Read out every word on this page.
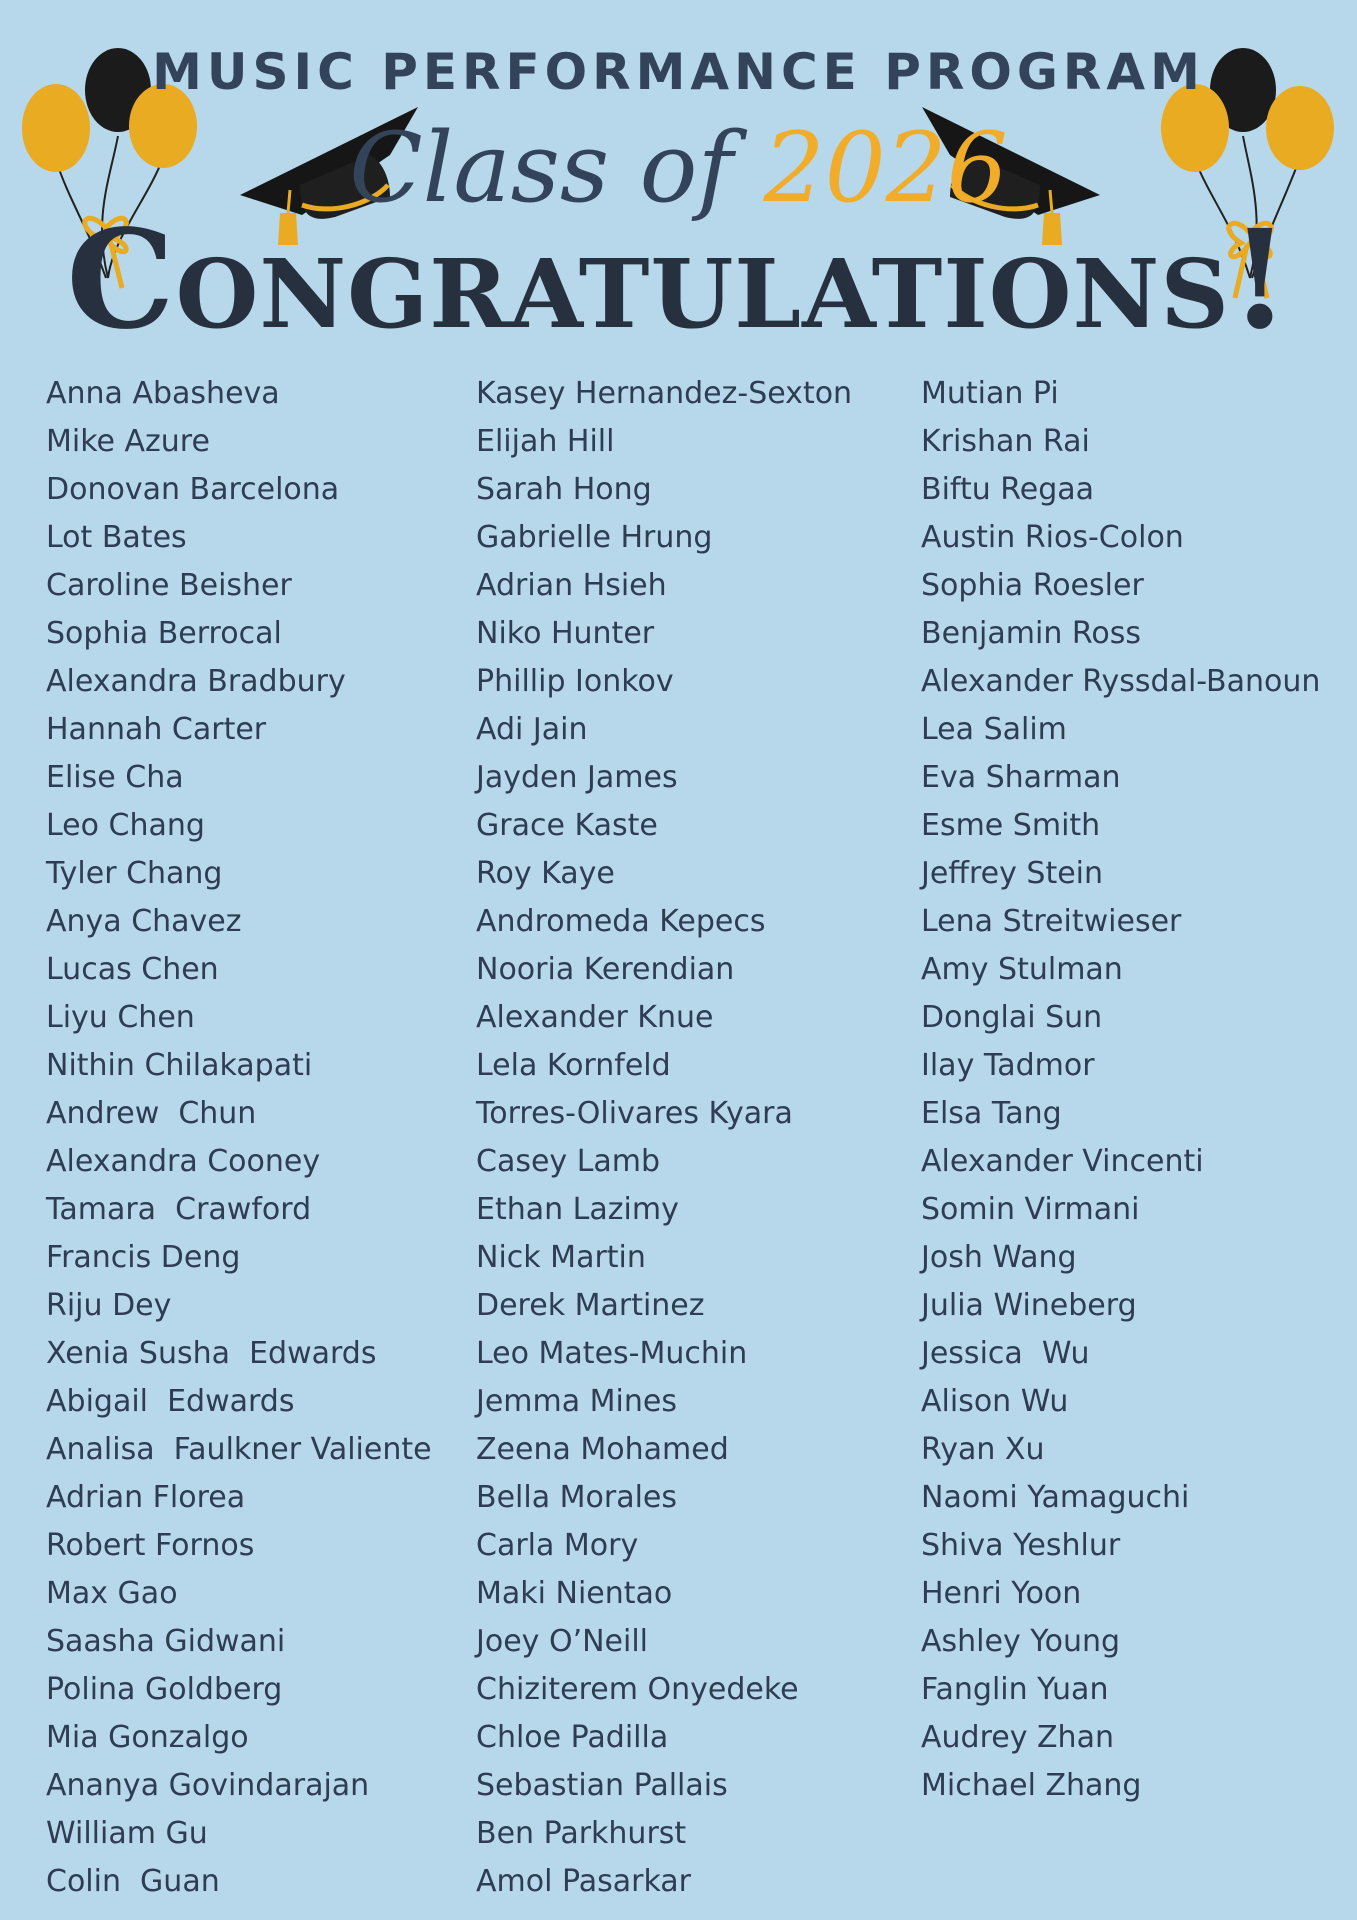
MUSIC PERFORMANCE PROGRAM

Class of 2026

Congratulations!
Anna Abasheva
Mike Azure
Donovan Barcelona
Lot Bates
Caroline Beisher
Sophia Berrocal
Alexandra Bradbury
Hannah Carter
Elise Cha
Leo Chang
Tyler Chang
Anya Chavez
Lucas Chen
Liyu Chen
Nithin Chilakapati
Andrew  Chun
Alexandra Cooney
Tamara  Crawford
Francis Deng
Riju Dey
Xenia Susha  Edwards
Abigail  Edwards
Analisa  Faulkner Valiente
Adrian Florea
Robert Fornos
Max Gao
Saasha Gidwani
Polina Goldberg
Mia Gonzalgo
Ananya Govindarajan
William Gu
Colin  Guan
Kasey Hernandez-Sexton
Elijah Hill
Sarah Hong
Gabrielle Hrung
Adrian Hsieh
Niko Hunter
Phillip Ionkov
Adi Jain
Jayden James
Grace Kaste
Roy Kaye
Andromeda Kepecs
Nooria Kerendian
Alexander Knue
Lela Kornfeld
Torres-Olivares Kyara
Casey Lamb
Ethan Lazimy
Nick Martin
Derek Martinez
Leo Mates-Muchin
Jemma Mines
Zeena Mohamed
Bella Morales
Carla Mory
Maki Nientao
Joey O’Neill
Chiziterem Onyedeke
Chloe Padilla
Sebastian Pallais
Ben Parkhurst
Amol Pasarkar
Mutian Pi
Krishan Rai
Biftu Regaa
Austin Rios-Colon
Sophia Roesler
Benjamin Ross
Alexander Ryssdal-Banoun
Lea Salim
Eva Sharman
Esme Smith
Jeffrey Stein
Lena Streitwieser
Amy Stulman
Donglai Sun
Ilay Tadmor
Elsa Tang
Alexander Vincenti
Somin Virmani
Josh Wang
Julia Wineberg
Jessica  Wu
Alison Wu
Ryan Xu
Naomi Yamaguchi
Shiva Yeshlur
Henri Yoon
Ashley Young
Fanglin Yuan
Audrey Zhan
Michael Zhang
